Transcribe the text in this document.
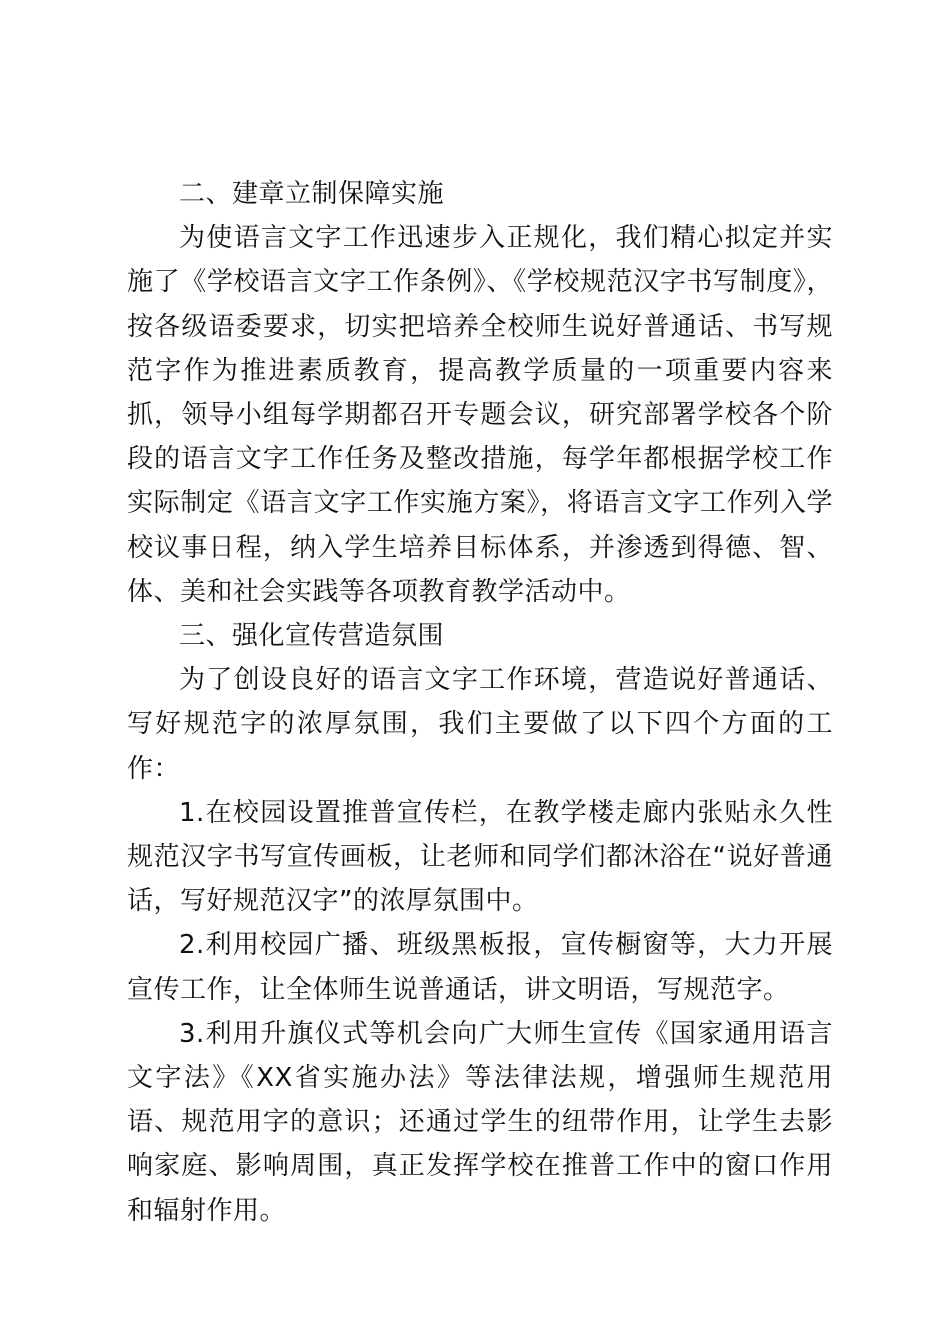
二、建章立制保障实施

为使语言文字工作迅速步入正规化，我们精心拟定并实施了《学校语言文字工作条例》、《学校规范汉字书写制度》，按各级语委要求，切实把培养全校师生说好普通话、书写规范字作为推进素质教育，提高教学质量的一项重要内容来抓，领导小组每学期都召开专题会议，研究部署学校各个阶段的语言文字工作任务及整改措施，每学年都根据学校工作实际制定《语言文字工作实施方案》，将语言文字工作列入学校议事日程，纳入学生培养目标体系，并渗透到得德、智、体、美和社会实践等各项教育教学活动中。

三、强化宣传营造氛围

为了创设良好的语言文字工作环境，营造说好普通话、写好规范字的浓厚氛围，我们主要做了以下四个方面的工作：

1.在校园设置推普宣传栏，在教学楼走廊内张贴永久性规范汉字书写宣传画板，让老师和同学们都沐浴在“说好普通话，写好规范汉字”的浓厚氛围中。

2.利用校园广播、班级黑板报，宣传橱窗等，大力开展宣传工作，让全体师生说普通话，讲文明语，写规范字。

3.利用升旗仪式等机会向广大师生宣传《国家通用语言文字法》《XX省实施办法》等法律法规，增强师生规范用语、规范用字的意识；还通过学生的纽带作用，让学生去影响家庭、影响周围，真正发挥学校在推普工作中的窗口作用和辐射作用。
